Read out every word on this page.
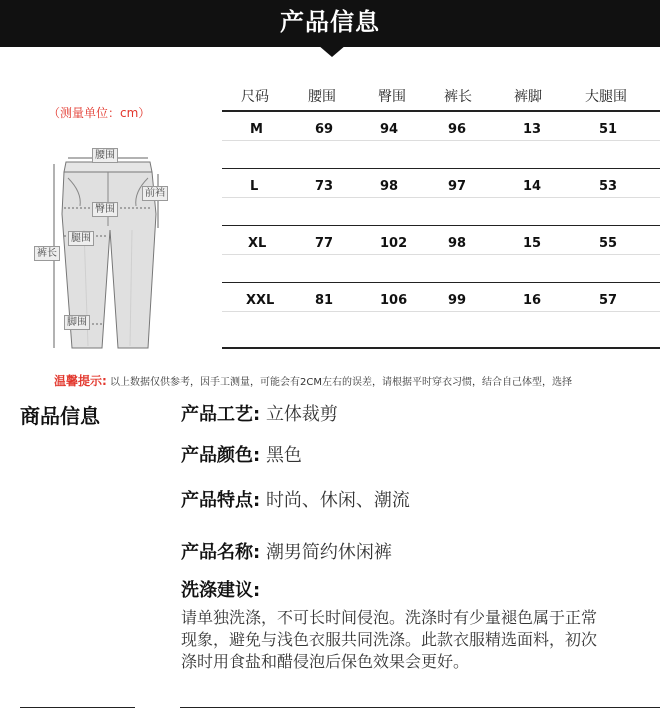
产品信息
（测量单位：cm）
腰围
前裆
臀围
腿围
裤长
脚围
尺码	腰围	臀围	裤长	裤脚	大腿围
M	69	94	96	13	51
L	73	98	97	14	53
XL	77	102	98	15	55
XXL	81	106	99	16	57
温馨提示: 以上数据仅供参考，因手工测量，可能会有2CM左右的误差，请根据平时穿衣习惯，结合自己体型，选择
商品信息	产品工艺: 立体裁剪
产品颜色: 黑色
产品特点: 时尚、休闲、潮流
产品名称: 潮男简约休闲裤
洗涤建议:
请单独洗涤，不可长时间侵泡。洗涤时有少量褪色属于正常
现象，避免与浅色衣服共同洗涤。此款衣服精选面料，初次
涤时用食盐和醋侵泡后保色效果会更好。
